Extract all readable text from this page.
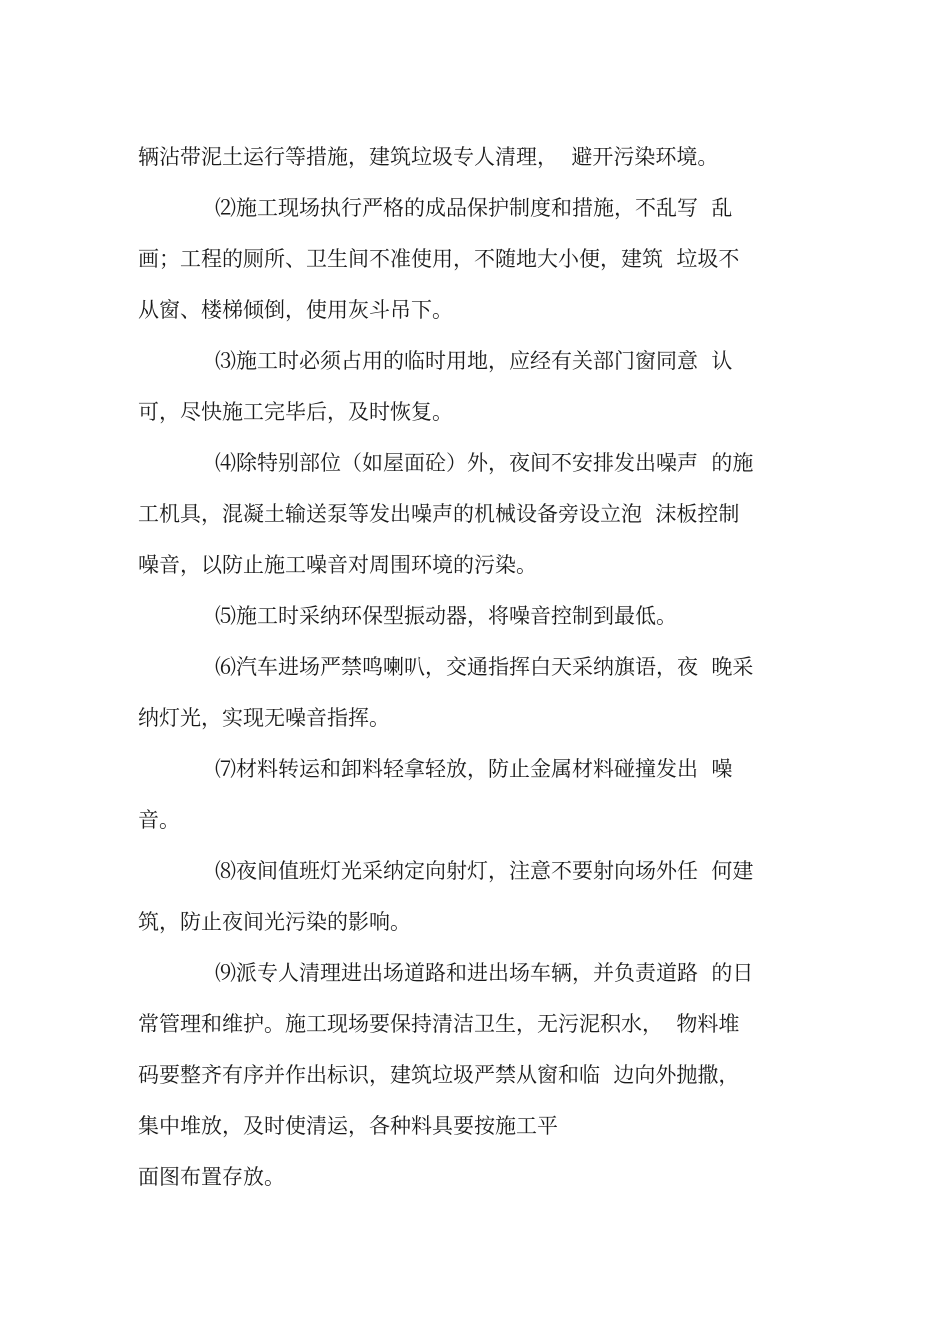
辆沾带泥土运行等措施，建筑垃圾专人清理，  避开污染环境。

⑵施工现场执行严格的成品保护制度和措施，不乱写  乱

画；工程的厕所、卫生间不准使用，不随地大小便，建筑  垃圾不

从窗、楼梯倾倒，使用灰斗吊下。

⑶施工时必须占用的临时用地，应经有关部门窗同意  认

可，尽快施工完毕后，及时恢复。

⑷除特别部位（如屋面砼）外，夜间不安排发出噪声  的施

工机具，混凝土输送泵等发出噪声的机械设备旁设立泡  沫板控制

噪音，以防止施工噪音对周围环境的污染。

⑸施工时采纳环保型振动器，将噪音控制到最低。

⑹汽车进场严禁鸣喇叭，交通指挥白天采纳旗语，夜  晚采

纳灯光，实现无噪音指挥。

⑺材料转运和卸料轻拿轻放，防止金属材料碰撞发出  噪

音。

⑻夜间值班灯光采纳定向射灯，注意不要射向场外任  何建

筑，防止夜间光污染的影响。

⑼派专人清理进出场道路和进出场车辆，并负责道路  的日

常管理和维护。施工现场要保持清洁卫生，无污泥积水，  物料堆

码要整齐有序并作出标识，建筑垃圾严禁从窗和临  边向外抛撒，

集中堆放，及时使清运，各种料具要按施工平

面图布置存放。
